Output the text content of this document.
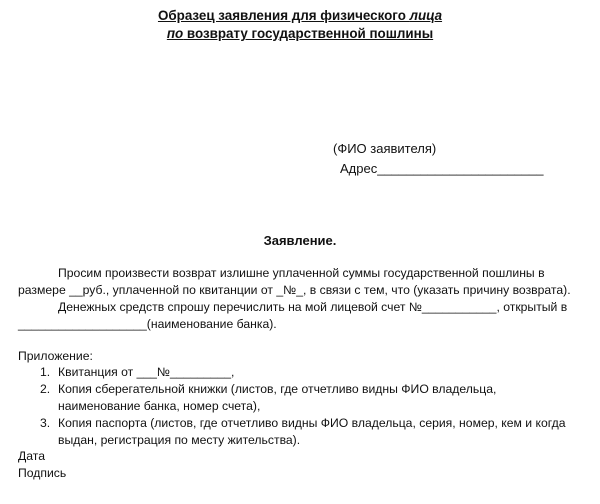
Образец заявления для физического лица
по возврату государственной пошлины
(ФИО заявителя)
Адрес_______________________
Заявление.
Просим произвести возврат излишне уплаченной суммы государственной пошлины в
размере __руб., уплаченной по квитанции от _№_, в связи с тем, что (указать причину возврата).
Денежных средств спрошу перечислить на мой лицевой счет №___________, открытый в
___________________(наименование банка).
Приложение:
1. Квитанция от ___№_________,
2. Копия сберегательной книжки (листов, где отчетливо видны ФИО владельца,
наименование банка, номер счета),
3. Копия паспорта (листов, где отчетливо видны ФИО владельца, серия, номер, кем и когда
выдан, регистрация по месту жительства).
Дата
Подпись
